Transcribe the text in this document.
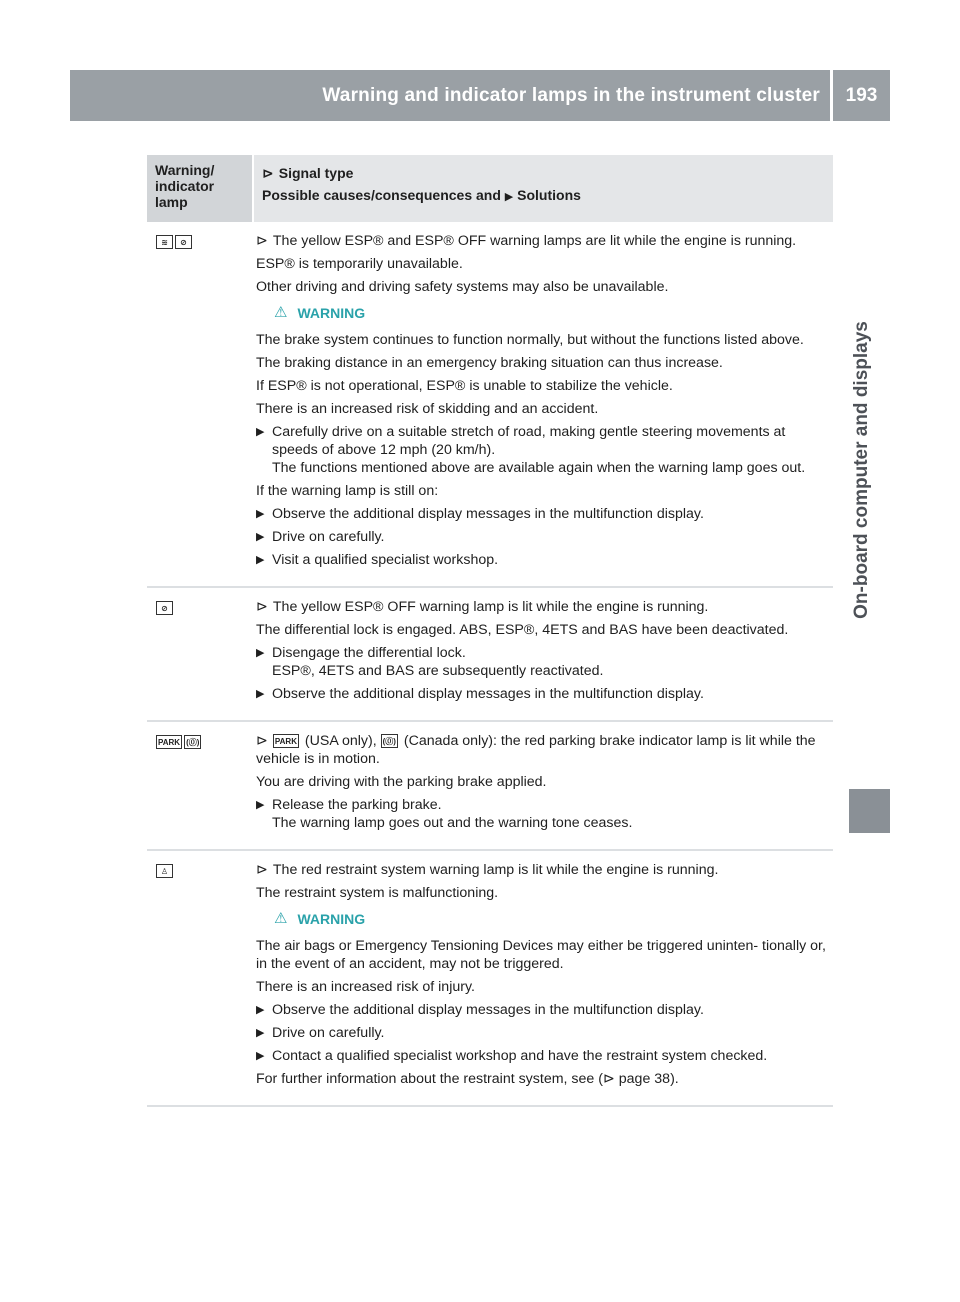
Warning and indicator lamps in the instrument cluster	193
On-board computer and displays
Warning/
indicator
lamp
⊳ Signal type
Possible causes/consequences and ▶ Solutions
≋ ⊘	⊳ The yellow ESP® and ESP® OFF warning lamps are lit while the engine is running.
ESP® is temporarily unavailable.
Other driving and driving safety systems may also be unavailable.
⚠ WARNING
The brake system continues to function normally, but without the functions listed above.
The braking distance in an emergency braking situation can thus increase.
If ESP® is not operational, ESP® is unable to stabilize the vehicle.
There is an increased risk of skidding and an accident.
▶ Carefully drive on a suitable stretch of road, making gentle steering movements at speeds of above 12 mph (20 km/h).
The functions mentioned above are available again when the warning lamp goes out.
If the warning lamp is still on:
▶ Observe the additional display messages in the multifunction display.
▶ Drive on carefully.
▶ Visit a qualified specialist workshop.
⊘	⊳ The yellow ESP® OFF warning lamp is lit while the engine is running.
The differential lock is engaged. ABS, ESP®, 4ETS and BAS have been deactivated.
▶ Disengage the differential lock.
ESP®, 4ETS and BAS are subsequently reactivated.
▶ Observe the additional display messages in the multifunction display.
PARK (⓪)	⊳ PARK (USA only), (⓪) (Canada only): the red parking brake indicator lamp is lit while the vehicle is in motion.
You are driving with the parking brake applied.
▶ Release the parking brake.
The warning lamp goes out and the warning tone ceases.
♙	⊳ The red restraint system warning lamp is lit while the engine is running.
The restraint system is malfunctioning.
⚠ WARNING
The air bags or Emergency Tensioning Devices may either be triggered uninten- tionally or, in the event of an accident, may not be triggered.
There is an increased risk of injury.
▶ Observe the additional display messages in the multifunction display.
▶ Drive on carefully.
▶ Contact a qualified specialist workshop and have the restraint system checked.
For further information about the restraint system, see (⊳ page 38).
